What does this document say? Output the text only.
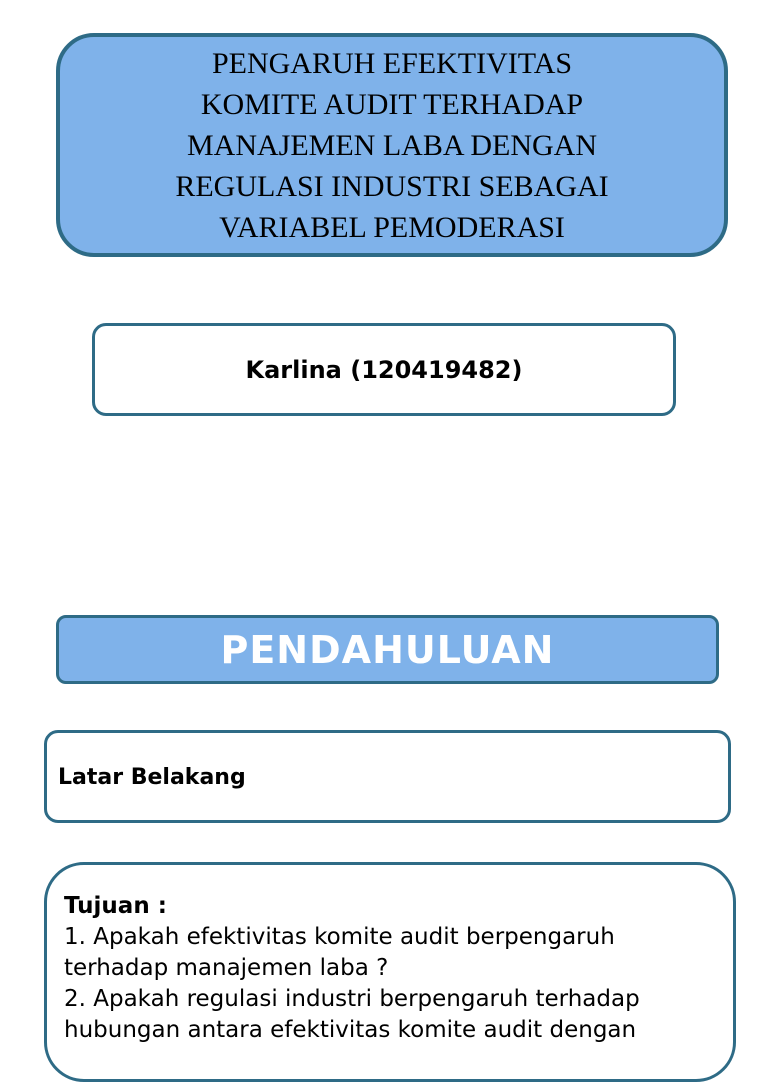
PENGARUH EFEKTIVITAS
KOMITE AUDIT TERHADAP
MANAJEMEN LABA DENGAN
REGULASI INDUSTRI SEBAGAI
VARIABEL PEMODERASI

Karlina (120419482)

PENDAHULUAN

Latar Belakang

Tujuan :
1. Apakah efektivitas komite audit berpengaruh terhadap manajemen laba ?
2. Apakah regulasi industri berpengaruh terhadap hubungan antara efektivitas komite audit dengan
